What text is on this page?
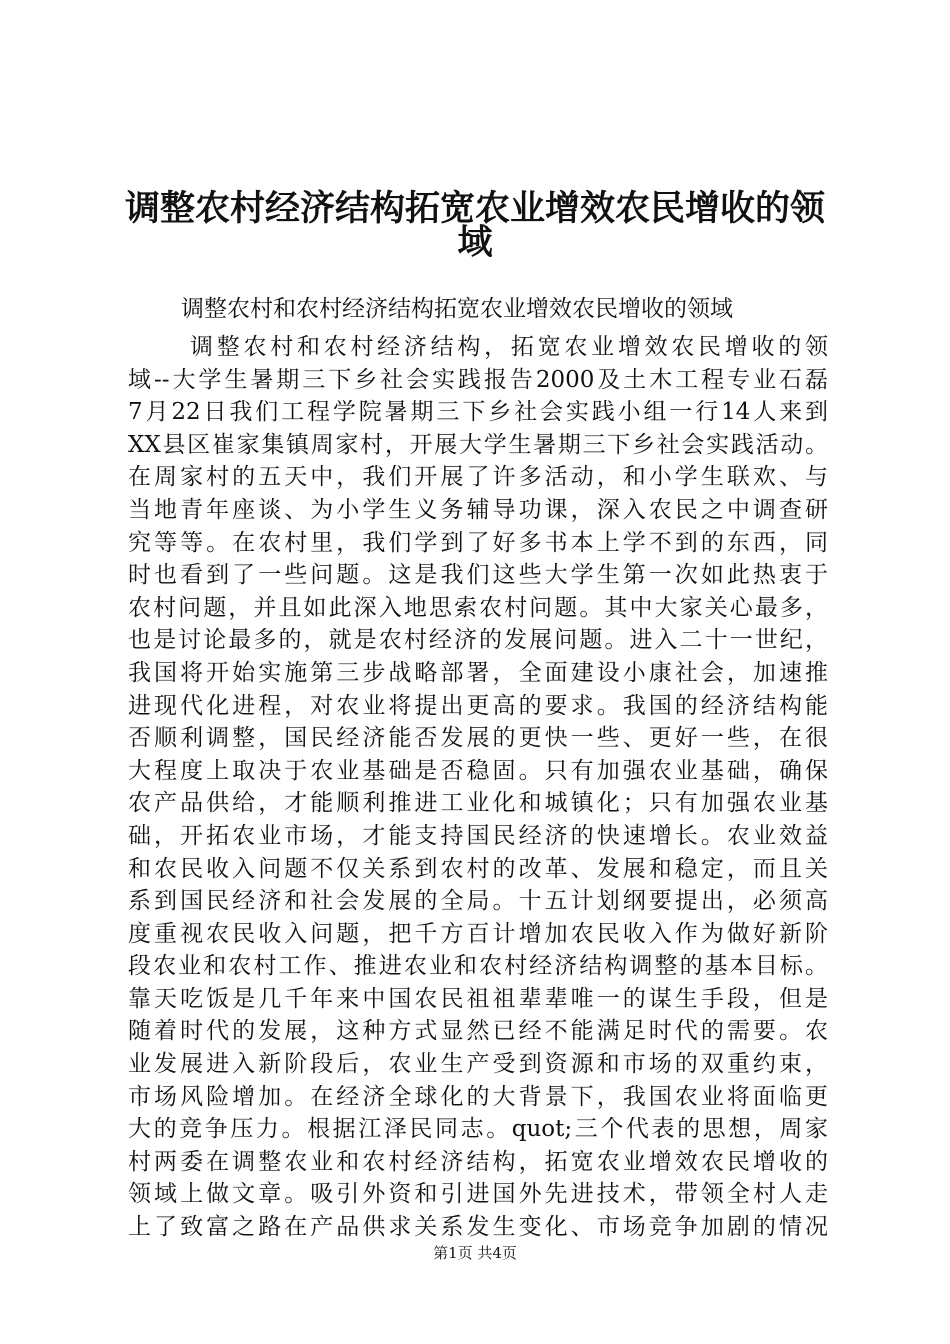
调整农村经济结构拓宽农业增效农民增收的领
域

调整农村和农村经济结构拓宽农业增效农民增收的领域

调整农村和农村经济结构，拓宽农业增效农民增收的领
域--大学生暑期三下乡社会实践报告2000及土木工程专业石磊
7月22日我们工程学院暑期三下乡社会实践小组一行14人来到
XX县区崔家集镇周家村，开展大学生暑期三下乡社会实践活动。
在周家村的五天中，我们开展了许多活动，和小学生联欢、与
当地青年座谈、为小学生义务辅导功课，深入农民之中调查研
究等等。在农村里，我们学到了好多书本上学不到的东西，同
时也看到了一些问题。这是我们这些大学生第一次如此热衷于
农村问题，并且如此深入地思索农村问题。其中大家关心最多，
也是讨论最多的，就是农村经济的发展问题。进入二十一世纪，
我国将开始实施第三步战略部署，全面建设小康社会，加速推
进现代化进程，对农业将提出更高的要求。我国的经济结构能
否顺利调整，国民经济能否发展的更快一些、更好一些，在很
大程度上取决于农业基础是否稳固。只有加强农业基础，确保
农产品供给，才能顺利推进工业化和城镇化；只有加强农业基
础，开拓农业市场，才能支持国民经济的快速增长。农业效益
和农民收入问题不仅关系到农村的改革、发展和稳定，而且关
系到国民经济和社会发展的全局。十五计划纲要提出，必须高
度重视农民收入问题，把千方百计增加农民收入作为做好新阶
段农业和农村工作、推进农业和农村经济结构调整的基本目标。
靠天吃饭是几千年来中国农民祖祖辈辈唯一的谋生手段，但是
随着时代的发展，这种方式显然已经不能满足时代的需要。农
业发展进入新阶段后，农业生产受到资源和市场的双重约束，
市场风险增加。在经济全球化的大背景下，我国农业将面临更
大的竞争压力。根据江泽民同志。quot;三个代表的思想，周家
村两委在调整农业和农村经济结构，拓宽农业增效农民增收的
领域上做文章。吸引外资和引进国外先进技术，带领全村人走
上了致富之路在产品供求关系发生变化、市场竞争加剧的情况
第1页 共4页
